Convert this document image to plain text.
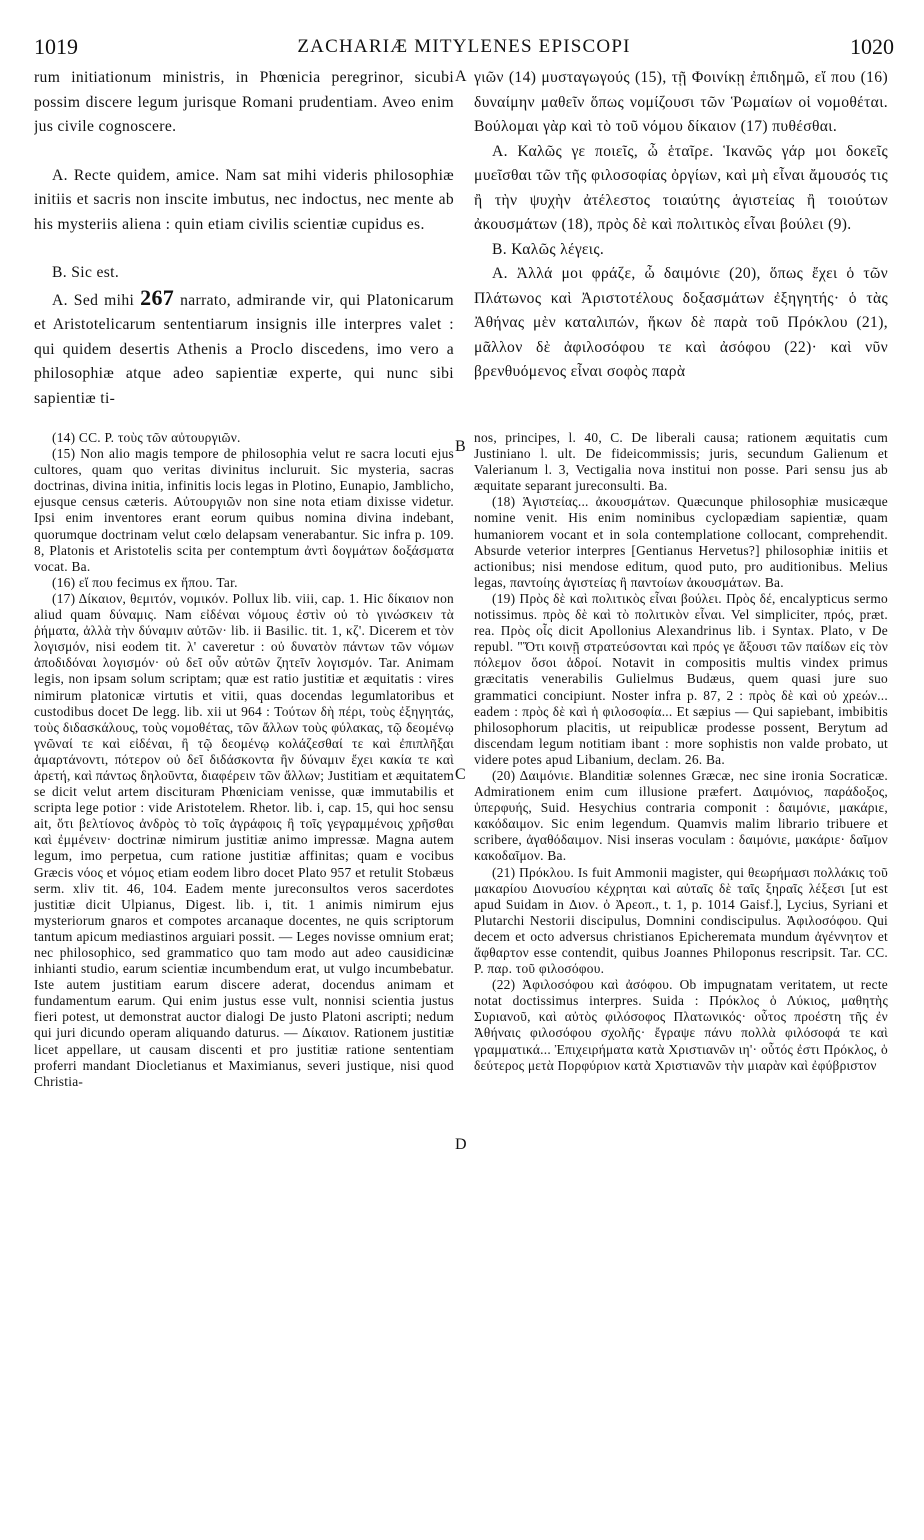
1019	ZACHARIÆ MITYLENES EPISCOPI	1020

rum initiationum ministris, in Phœnicia peregrinor, sicubi possim discere legum jurisque Romani prudentiam. Aveo enim jus civile cognoscere.

A. Recte quidem, amice. Nam sat mihi videris philosophiæ initiis et sacris non inscite imbutus, nec indoctus, nec mente ab his mysteriis aliena : quin etiam civilis scientiæ cupidus es.

B. Sic est.

A. Sed mihi 267 narrato, admirande vir, qui Platonicarum et Aristotelicarum sententiarum insignis ille interpres valet : qui quidem desertis Athenis a Proclo discedens, imo vero a philosophiæ atque adeo sapientiæ experte, qui nunc sibi sapientiæ ti-

γιῶν (14) μυσταγωγούς (15), τῇ Φοινίκῃ ἐπιδημῶ, εἴ που (16) δυναίμην μαθεῖν ὅπως νομίζουσι τῶν Ῥωμαίων οἱ νομοθέται. Βούλομαι γὰρ καὶ τὸ τοῦ νόμου δίκαιον (17) πυθέσθαι.

A. Καλῶς γε ποιεῖς, ὦ ἑταῖρε. Ἱκανῶς γάρ μοι δοκεῖς μυεῖσθαι τῶν τῆς φιλοσοφίας ὀργίων, καὶ μὴ εἶναι ἄμουσός τις ἢ τὴν ψυχὴν ἀτέλεστος τοιαύτης ἁγιστείας ἢ τοιούτων ἀκουσμάτων (18), πρὸς δὲ καὶ πολιτικὸς εἶναι βούλει (9).

B. Καλῶς λέγεις.

A. Ἀλλά μοι φράζε, ὦ δαιμόνιε (20), ὅπως ἔχει ὁ τῶν Πλάτωνος καὶ Ἀριστοτέλους δοξασμάτων ἐξηγητής· ὁ τὰς Ἀθήνας μὲν καταλιπών, ἥκων δὲ παρὰ τοῦ Πρόκλου (21), μᾶλλον δὲ ἀφιλοσόφου τε καὶ ἀσόφου (22)· καὶ νῦν βρενθυόμενος εἶναι σοφὸς παρὰ

A
B
C
D

(14) CC. P. τοὺς τῶν αὐτουργιῶν.

(15) Non alio magis tempore de philosophia velut re sacra locuti ejus cultores, quam quo veritas divinitus incluruit. Sic mysteria, sacras doctrinas, divina initia, infinitis locis legas in Plotino, Eunapio, Jamblicho, ejusque census cæteris. Αὐτουργιῶν non sine nota etiam dixisse videtur. Ipsi enim inventores erant eorum quibus nomina divina indebant, quorumque doctrinam velut cœlo delapsam venerabantur. Sic infra p. 109. 8, Platonis et Aristotelis scita per contemptum ἀντὶ δογμάτων δοξάσματα vocat. Ba.

(16) εἴ που fecimus ex ἥπου. Tar.

(17) Δίκαιον, θεμιτόν, νομικόν. Pollux lib. viii, cap. 1. Hic δίκαιον non aliud quam δύναμις. Nam εἰδέναι νόμους ἐστὶν οὐ τὸ γινώσκειν τὰ ῥήματα, ἀλλὰ τὴν δύναμιν αὐτῶν· lib. ii Basilic. tit. 1, κζ'. Dicerem et τὸν λογισμόν, nisi eodem tit. λ' caveretur : οὐ δυνατὸν πάντων τῶν νόμων ἀποδιδόναι λογισμόν· οὐ δεῖ οὖν αὐτῶν ζητεῖν λογισμόν. Tar. Animam legis, non ipsam solum scriptam; quæ est ratio justitiæ et æquitatis : vires nimirum platonicæ virtutis et vitii, quas docendas legumlatoribus et custodibus docet De legg. lib. xii ut 964 : Τούτων δὴ πέρι, τοὺς ἐξηγητάς, τοὺς διδασκάλους, τοὺς νομοθέτας, τῶν ἄλλων τοὺς φύλακας, τῷ δεομένῳ γνῶναί τε καὶ εἰδέναι, ἢ τῷ δεομένῳ κολάζεσθαί τε καὶ ἐπιπλῆξαι ἁμαρτάνοντι, πότερον οὐ δεῖ διδάσκοντα ἢν δύναμιν ἔχει κακία τε καὶ ἀρετή, καὶ πάντως δηλοῦντα, διαφέρειν τῶν ἄλλων; Justitiam et æquitatem se dicit velut artem discituram Phœniciam venisse, quæ immutabilis et scripta lege potior : vide Aristotelem. Rhetor. lib. i, cap. 15, qui hoc sensu ait, ὅτι βελτίονος ἀνδρὸς τὸ τοῖς ἀγράφοις ἢ τοῖς γεγραμμένοις χρῆσθαι καὶ ἐμμένειν· doctrinæ nimirum justitiæ animo impressæ. Magna autem legum, imo perpetua, cum ratione justitiæ affinitas; quam e vocibus Græcis νόος et νόμος etiam eodem libro docet Plato 957 et retulit Stobæus serm. xliv tit. 46, 104. Eadem mente jureconsultos veros sacerdotes justitiæ dicit Ulpianus, Digest. lib. i, tit. 1 animis nimirum ejus mysteriorum gnaros et compotes arcanaque docentes, ne quis scriptorum tantum apicum mediastinos arguiari possit. — Leges novisse omnium erat; nec philosophico, sed grammatico quo tam modo aut adeo causidicinæ inhianti studio, earum scientiæ incumbendum erat, ut vulgo incumbebatur. Iste autem justitiam earum discere aderat, docendus animam et fundamentum earum. Qui enim justus esse vult, nonnisi scientia justus fieri potest, ut demonstrat auctor dialogi De justo Platoni ascripti; nedum qui juri dicundo operam aliquando daturus. — Δίκαιον. Rationem justitiæ licet appellare, ut causam discenti et pro justitiæ ratione sententiam proferri mandant Diocletianus et Maximianus, severi justique, nisi quod Christia-

nos, principes, l. 40, C. De liberali causa; rationem æquitatis cum Justiniano l. ult. De fideicommissis; juris, secundum Galienum et Valerianum l. 3, Vectigalia nova institui non posse. Pari sensu jus ab æquitate separant jureconsulti. Ba.

(18) Ἁγιστείας... ἀκουσμάτων. Quæcunque philosophiæ musicæque nomine venit. His enim nominibus cyclopædiam sapientiæ, quam humaniorem vocant et in sola contemplatione collocant, comprehendit. Absurde veterior interpres [Gentianus Hervetus?] philosophiæ initiis et actionibus; nisi mendose editum, quod puto, pro auditionibus. Melius legas, παντοίης ἁγιστείας ἢ παντοίων ἀκουσμάτων. Ba.

(19) Πρὸς δὲ καὶ πολιτικὸς εἶναι βούλει. Πρὸς δέ, encalypticus sermo notissimus. πρὸς δὲ καὶ τὸ πολιτικὸν εἶναι. Vel simpliciter, πρός, præt. rea. Πρὸς οἷς dicit Apollonius Alexandrinus lib. i Syntax. Plato, v De republ. "Ὅτι κοινῇ στρατεύσονται καὶ πρός γε ἄξουσι τῶν παίδων εἰς τὸν πόλεμον ὅσοι ἁδροί. Notavit in compositis multis vindex primus græcitatis venerabilis Gulielmus Budæus, quem quasi jure suo grammatici concipiunt. Noster infra p. 87, 2 : πρὸς δὲ καὶ οὐ χρεών... eadem : πρὸς δὲ καὶ ἡ φιλοσοφία... Et sæpius — Qui sapiebant, imbibitis philosophorum placitis, ut reipublicæ prodesse possent, Berytum ad discendam legum notitiam ibant : more sophistis non valde probato, ut videre potes apud Libanium, declam. 26. Ba.

(20) Δαιμόνιε. Blanditiæ solennes Græcæ, nec sine ironia Socraticæ. Admirationem enim cum illusione præfert. Δαιμόνιος, παράδοξος, ὑπερφυής, Suid. Hesychius contraria componit : δαιμόνιε, μακάριε, κακόδαιμον. Sic enim legendum. Quamvis malim librario tribuere et scribere, ἀγαθόδαιμον. Nisi inseras voculam : δαιμόνιε, μακάριε· δαῖμον κακοδαῖμον. Ba.

(21) Πρόκλου. Is fuit Ammonii magister, qui θεωρήμασι πολλάκις τοῦ μακαρίου Διονυσίου κέχρηται καὶ αὐταῖς δὲ ταῖς ξηραῖς λέξεσι [ut est apud Suidam in Διον. ὁ Ἀρεοπ., t. 1, p. 1014 Gaisf.], Lycius, Syriani et Plutarchi Nestorii discipulus, Domnini condiscipulus. Ἀφιλοσόφου. Qui decem et octo adversus christianos Epicheremata mundum ἀγέννητον et ἄφθαρτον esse contendit, quibus Joannes Philoponus rescripsit. Tar. CC. P. παρ. τοῦ φιλοσόφου.

(22) Ἀφιλοσόφου καὶ ἀσόφου. Ob impugnatam veritatem, ut recte notat doctissimus interpres. Suida : Πρόκλος ὁ Λύκιος, μαθητὴς Συριανοῦ, καὶ αὐτὸς φιλόσοφος Πλατωνικός· οὗτος προέστη τῆς ἐν Ἀθήναις φιλοσόφου σχολῆς· ἔγραψε πάνυ πολλὰ φιλόσοφά τε καὶ γραμματικά... Ἐπιχειρήματα κατὰ Χριστιανῶν ιη'· οὗτός ἐστι Πρόκλος, ὁ δεύτερος μετὰ Πορφύριον κατὰ Χριστιανῶν τὴν μιαρὰν καὶ ἐφύβριστον
